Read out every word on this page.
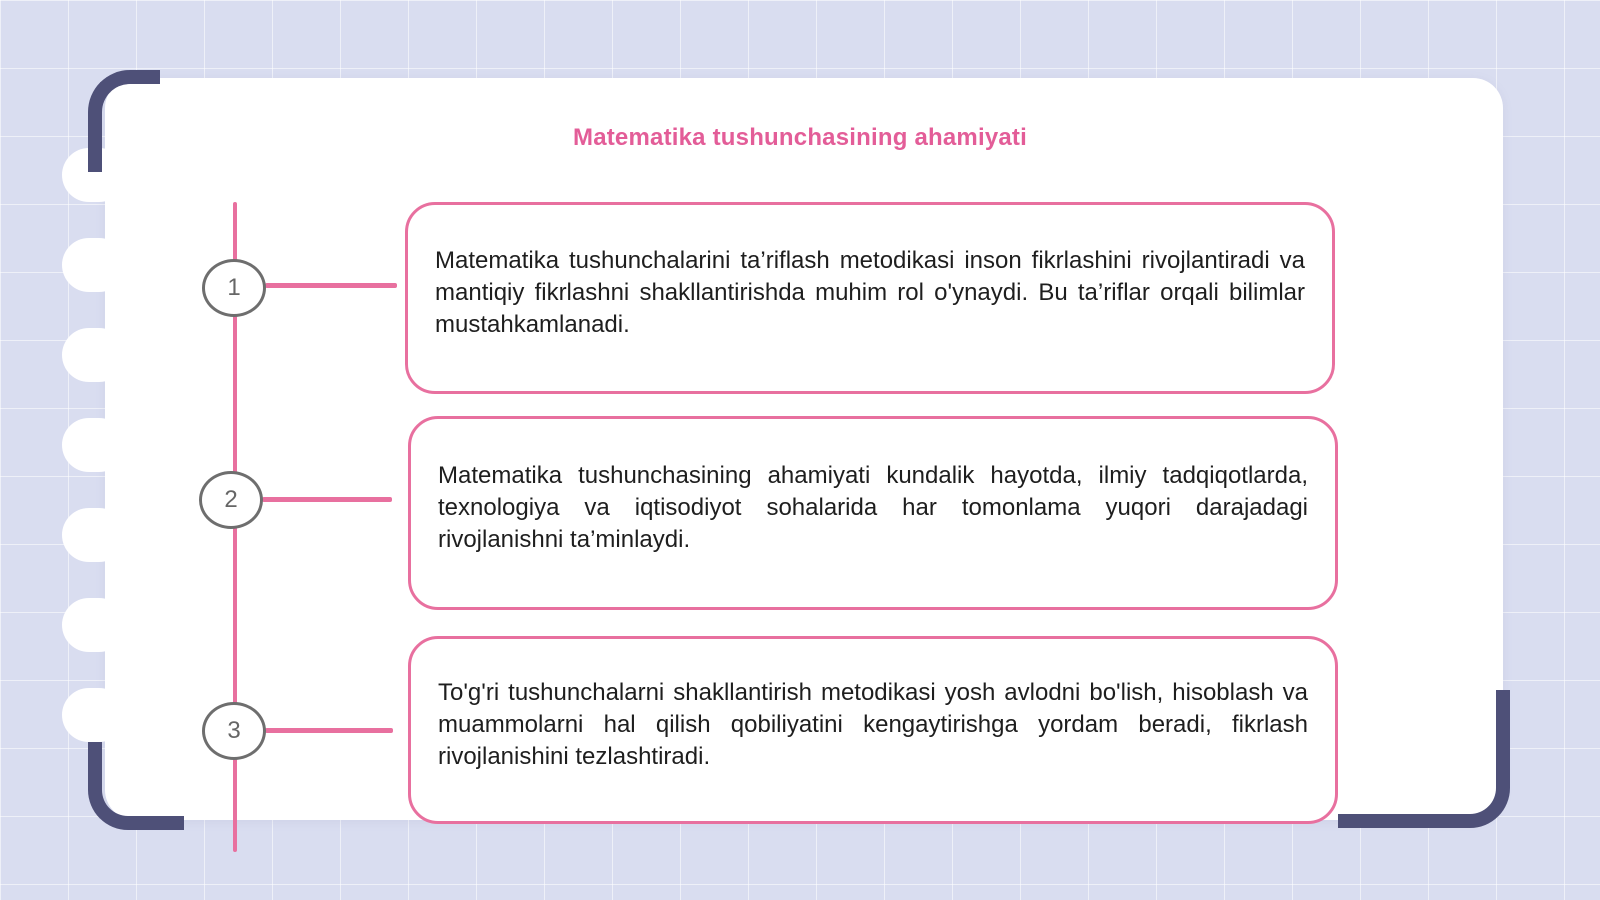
Matematika tushunchasining ahamiyati
1
2
3

Matematika tushunchalarini ta’riflash metodikasi inson fikrlashini rivojlantiradi va mantiqiy fikrlashni shakllantirishda muhim rol o'ynaydi. Bu ta’riflar orqali bilimlar mustahkamlanadi.

Matematika tushunchasining ahamiyati kundalik hayotda, ilmiy tadqiqotlarda, texnologiya va iqtisodiyot sohalarida har tomonlama yuqori darajadagi rivojlanishni ta’minlaydi.

To'g'ri tushunchalarni shakllantirish metodikasi yosh avlodni bo'lish, hisoblash va muammolarni hal qilish qobiliyatini kengaytirishga yordam beradi, fikrlash rivojlanishini tezlashtiradi.
